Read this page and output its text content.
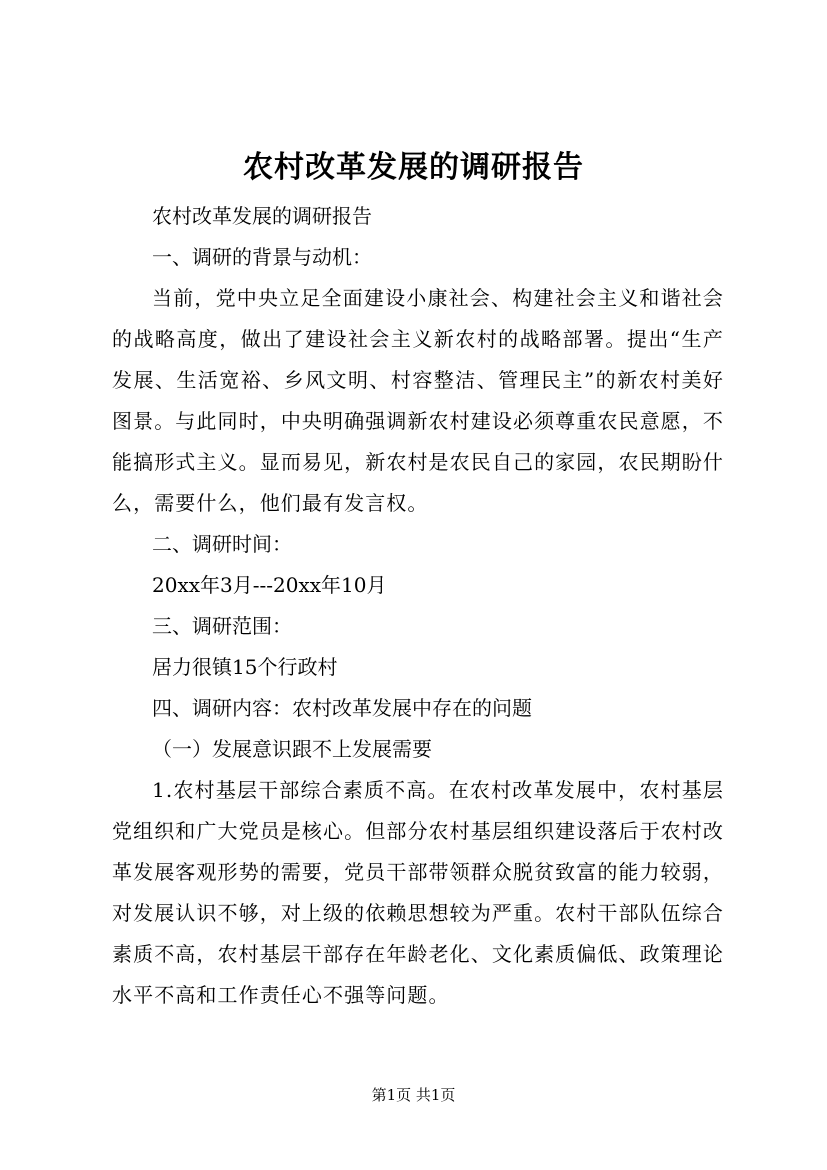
农村改革发展的调研报告

农村改革发展的调研报告

一、调研的背景与动机：

当前，党中央立足全面建设小康社会、构建社会主义和谐社会的战略高度，做出了建设社会主义新农村的战略部署。提出“生产发展、生活宽裕、乡风文明、村容整洁、管理民主”的新农村美好图景。与此同时，中央明确强调新农村建设必须尊重农民意愿，不能搞形式主义。显而易见，新农村是农民自己的家园，农民期盼什么，需要什么，他们最有发言权。

二、调研时间：

20xx年3月---20xx年10月

三、调研范围：

居力很镇15个行政村

四、调研内容：农村改革发展中存在的问题

（一）发展意识跟不上发展需要

1.农村基层干部综合素质不高。在农村改革发展中，农村基层党组织和广大党员是核心。但部分农村基层组织建设落后于农村改革发展客观形势的需要，党员干部带领群众脱贫致富的能力较弱，对发展认识不够，对上级的依赖思想较为严重。农村干部队伍综合素质不高，农村基层干部存在年龄老化、文化素质偏低、政策理论水平不高和工作责任心不强等问题。

第1页 共1页
